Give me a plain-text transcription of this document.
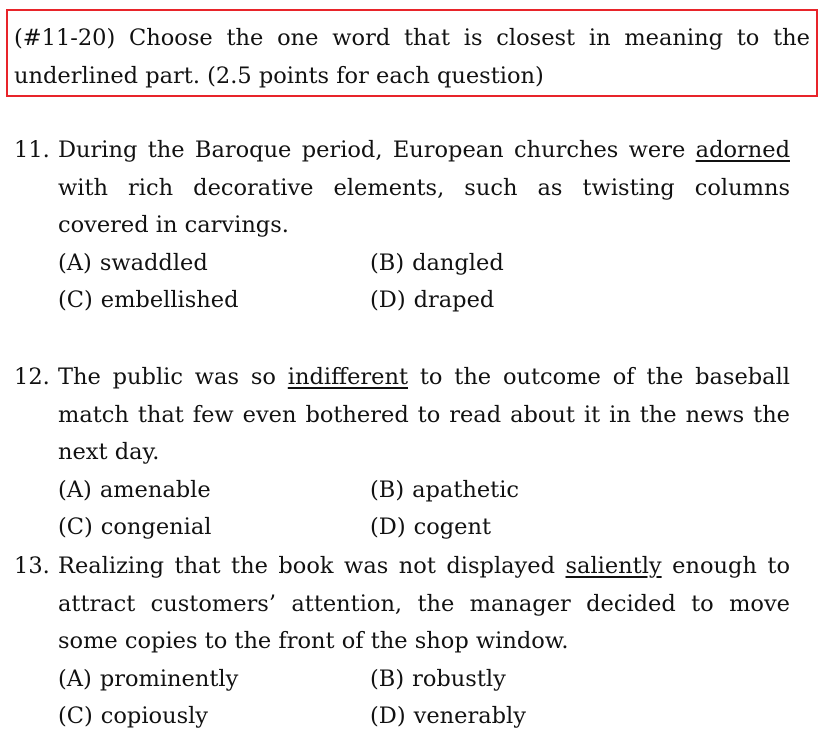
(#11-20) Choose the one word that is closest in meaning to the underlined part. (2.5 points for each question)
11. During the Baroque period, European churches were adorned with rich decorative elements, such as twisting columns covered in carvings.
(A) swaddled	(B) dangled
(C) embellished	(D) draped
12. The public was so indifferent to the outcome of the baseball match that few even bothered to read about it in the news the next day.
(A) amenable	(B) apathetic
(C) congenial	(D) cogent
13. Realizing that the book was not displayed saliently enough to attract customers’ attention, the manager decided to move some copies to the front of the shop window.
(A) prominently	(B) robustly
(C) copiously	(D) venerably
